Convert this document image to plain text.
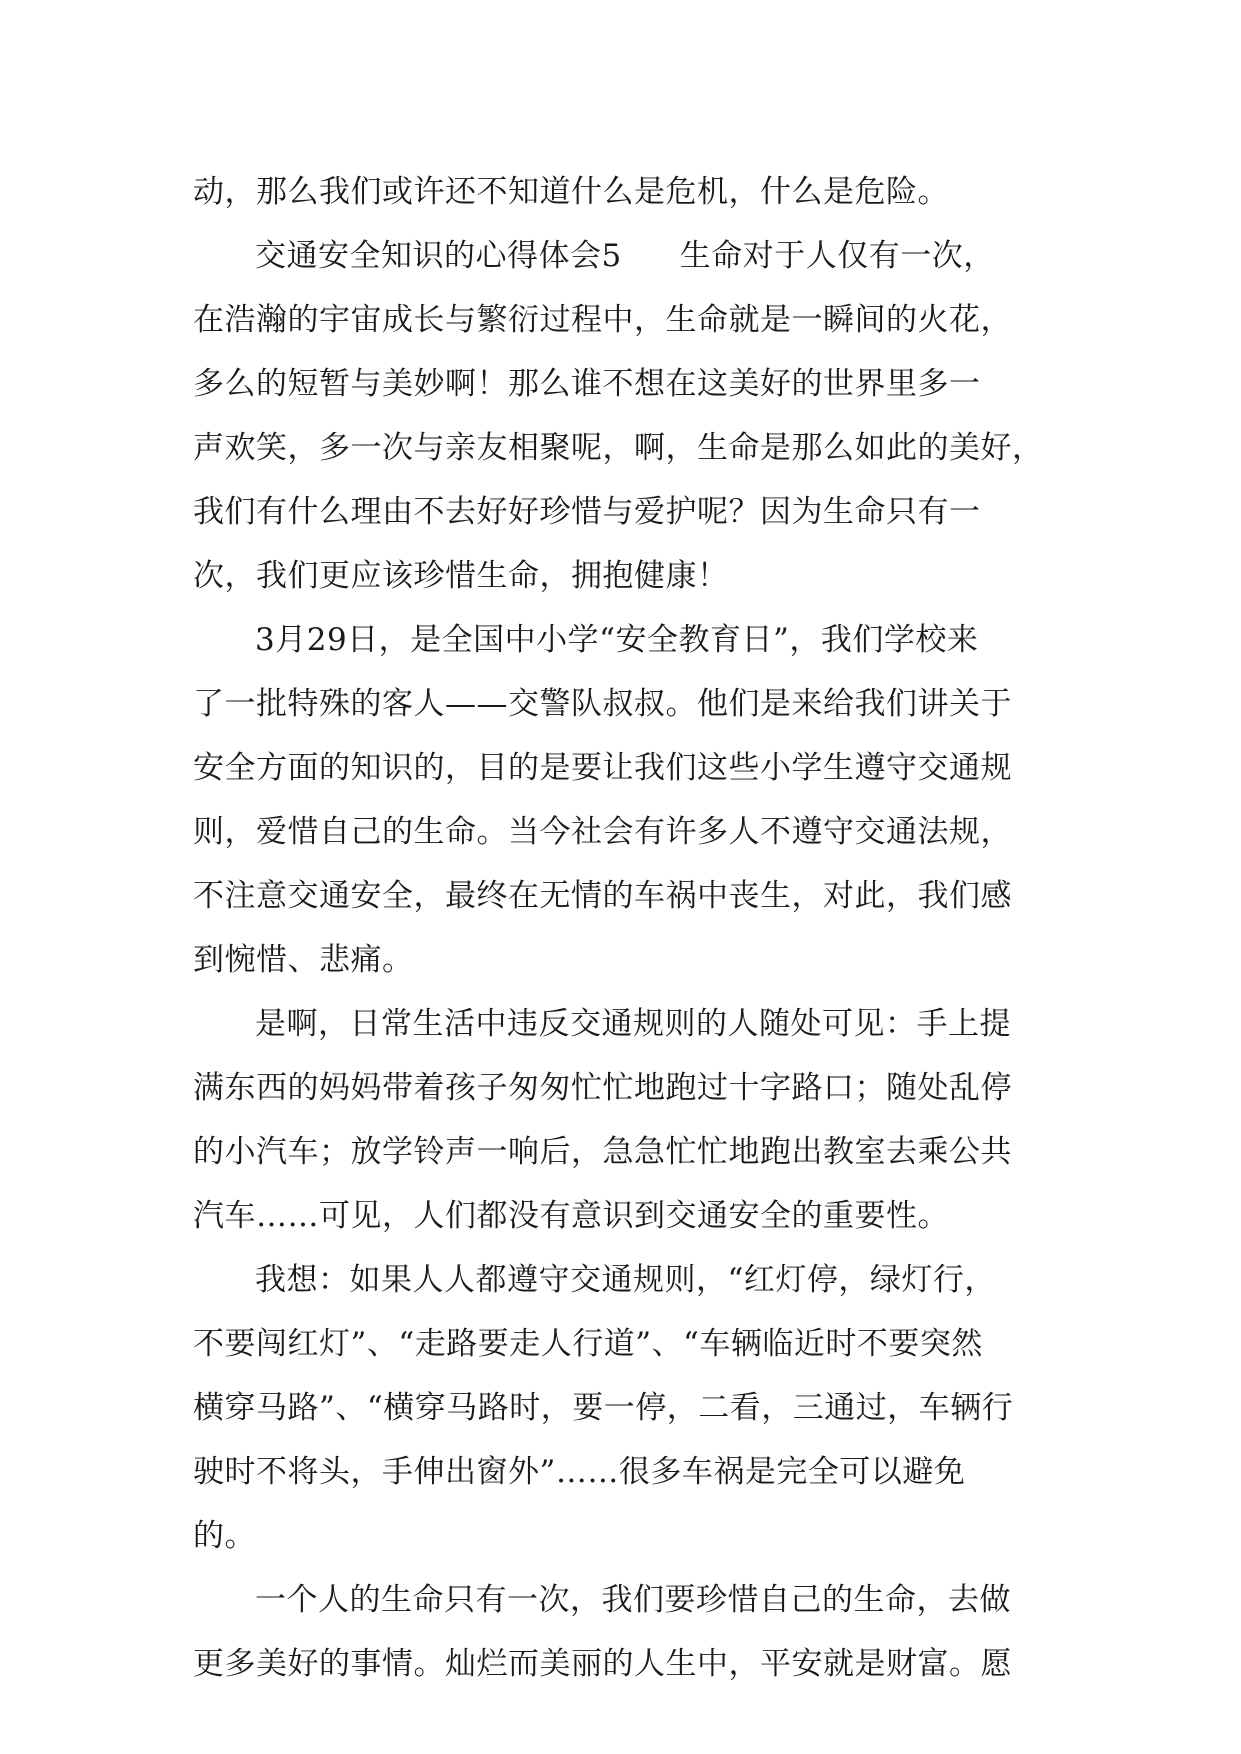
动，那么我们或许还不知道什么是危机，什么是危险。
交通安全知识的心得体会5 生命对于人仅有一次，
在浩瀚的宇宙成长与繁衍过程中，生命就是一瞬间的火花，
多么的短暂与美妙啊！那么谁不想在这美好的世界里多一
声欢笑，多一次与亲友相聚呢，啊，生命是那么如此的美好，
我们有什么理由不去好好珍惜与爱护呢？因为生命只有一
次，我们更应该珍惜生命，拥抱健康！
3月29日，是全国中小学“安全教育日”，我们学校来
了一批特殊的客人——交警队叔叔。他们是来给我们讲关于
安全方面的知识的，目的是要让我们这些小学生遵守交通规
则，爱惜自己的生命。当今社会有许多人不遵守交通法规，
不注意交通安全，最终在无情的车祸中丧生，对此，我们感
到惋惜、悲痛。
是啊，日常生活中违反交通规则的人随处可见：手上提
满东西的妈妈带着孩子匆匆忙忙地跑过十字路口；随处乱停
的小汽车；放学铃声一响后，急急忙忙地跑出教室去乘公共
汽车……可见，人们都没有意识到交通安全的重要性。
我想：如果人人都遵守交通规则，“红灯停，绿灯行，
不要闯红灯”、“走路要走人行道”、“车辆临近时不要突然
横穿马路”、“横穿马路时，要一停，二看，三通过，车辆行
驶时不将头，手伸出窗外”……很多车祸是完全可以避免
的。
一个人的生命只有一次，我们要珍惜自己的生命，去做
更多美好的事情。灿烂而美丽的人生中，平安就是财富。愿
